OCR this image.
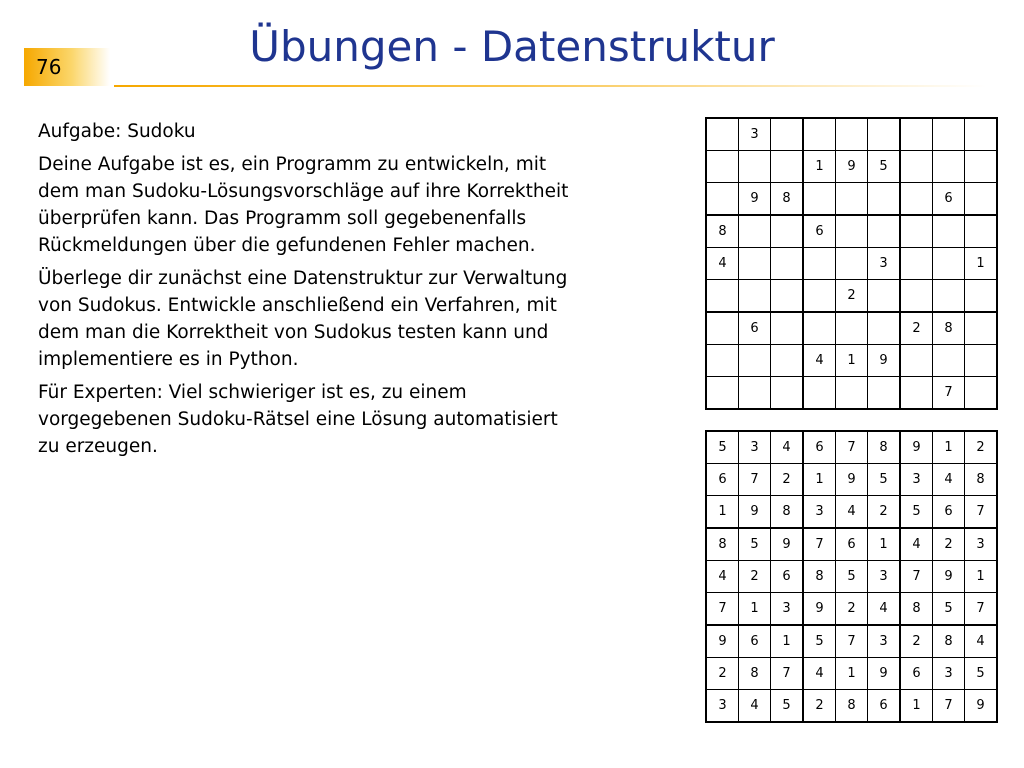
76	Übungen - Datenstruktur

Aufgabe: Sudoku

Deine Aufgabe ist es, ein Programm zu entwickeln, mit
dem man Sudoku-Lösungsvorschläge auf ihre Korrektheit
überprüfen kann. Das Programm soll gegebenenfalls
Rückmeldungen über die gefundenen Fehler machen.

Überlege dir zunächst eine Datenstruktur zur Verwaltung
von Sudokus. Entwickle anschließend ein Verfahren, mit
dem man die Korrektheit von Sudokus testen kann und
implementiere es in Python.

Für Experten: Viel schwieriger ist es, zu einem
vorgegebenen Sudoku-Rätsel eine Lösung automatisiert
zu erzeugen.

	3							
			1	9	5			
	9	8					6	
8			6					
4					3			1
				2				
	6					2	8	
			4	1	9			
							7	
5	3	4	6	7	8	9	1	2
6	7	2	1	9	5	3	4	8
1	9	8	3	4	2	5	6	7
8	5	9	7	6	1	4	2	3
4	2	6	8	5	3	7	9	1
7	1	3	9	2	4	8	5	7
9	6	1	5	7	3	2	8	4
2	8	7	4	1	9	6	3	5
3	4	5	2	8	6	1	7	9
